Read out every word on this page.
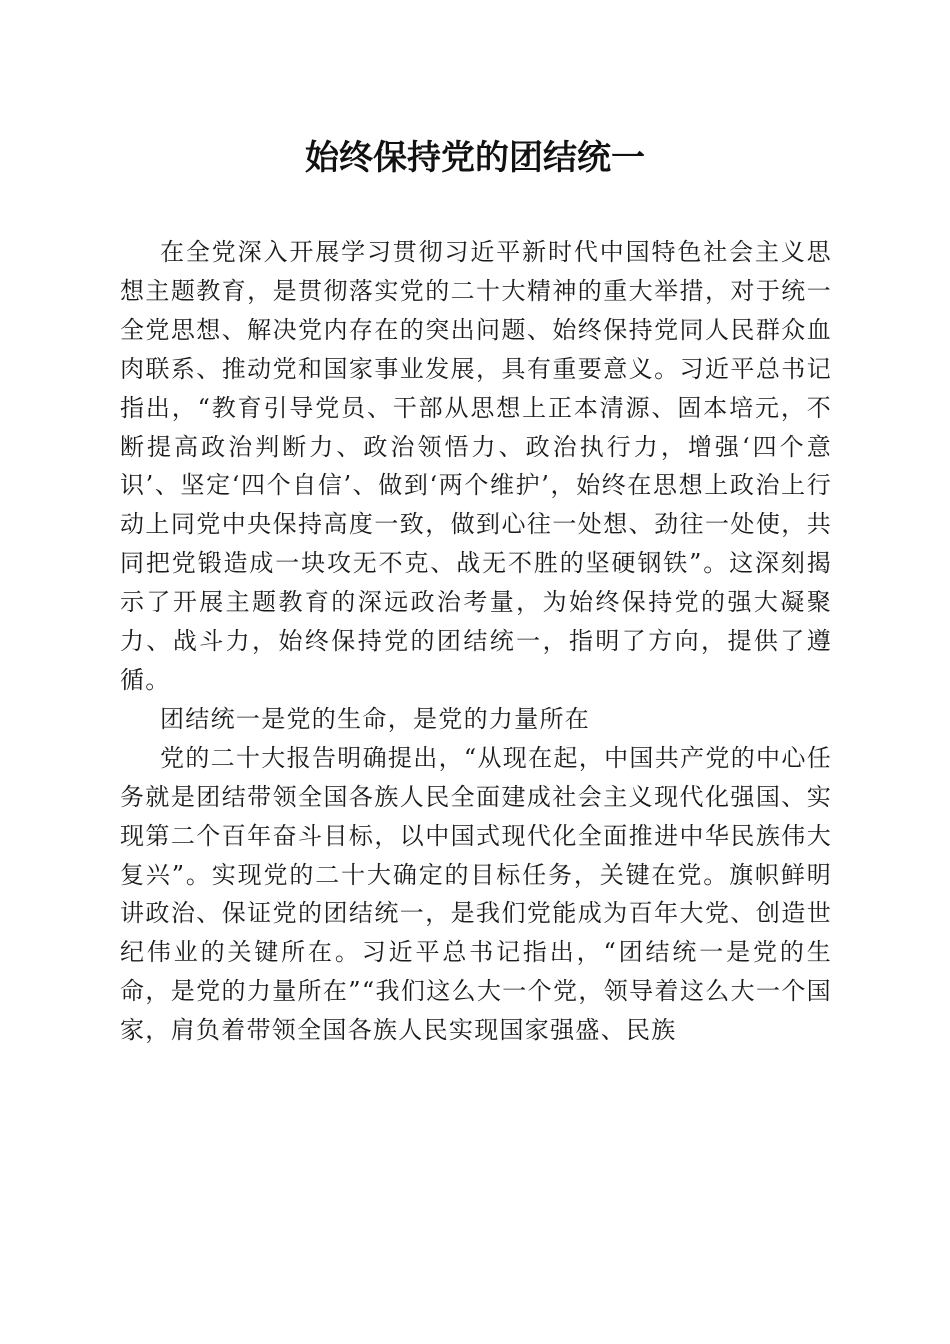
始终保持党的团结统一

在全党深入开展学习贯彻习近平新时代中国特色社会主义思想主题教育，是贯彻落实党的二十大精神的重大举措，对于统一全党思想、解决党内存在的突出问题、始终保持党同人民群众血肉联系、推动党和国家事业发展，具有重要意义。习近平总书记指出，“教育引导党员、干部从思想上正本清源、固本培元，不断提高政治判断力、政治领悟力、政治执行力，增强‘四个意识’、坚定‘四个自信’、做到‘两个维护’，始终在思想上政治上行动上同党中央保持高度一致，做到心往一处想、劲往一处使，共同把党锻造成一块攻无不克、战无不胜的坚硬钢铁”。这深刻揭示了开展主题教育的深远政治考量，为始终保持党的强大凝聚力、战斗力，始终保持党的团结统一，指明了方向，提供了遵循。

团结统一是党的生命，是党的力量所在

党的二十大报告明确提出，“从现在起，中国共产党的中心任务就是团结带领全国各族人民全面建成社会主义现代化强国、实现第二个百年奋斗目标，以中国式现代化全面推进中华民族伟大复兴”。实现党的二十大确定的目标任务，关键在党。旗帜鲜明讲政治、保证党的团结统一，是我们党能成为百年大党、创造世纪伟业的关键所在。习近平总书记指出，“团结统一是党的生命，是党的力量所在”“我们这么大一个党，领导着这么大一个国家，肩负着带领全国各族人民实现国家强盛、民族
